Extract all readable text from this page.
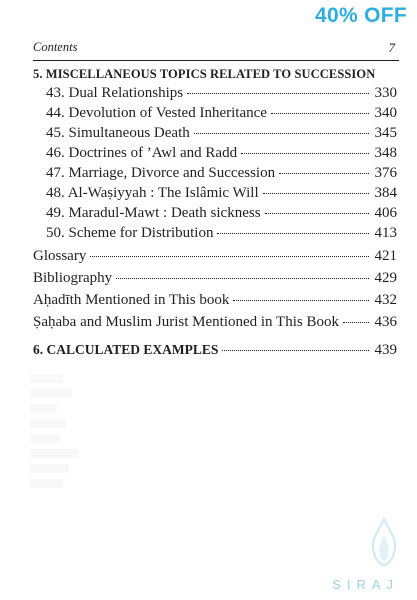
40% OFF
Contents	7
5. MISCELLANEOUS TOPICS RELATED TO SUCCESSION
43. Dual Relationships	330
44. Devolution of Vested Inheritance	340
45. Simultaneous Death	345
46. Doctrines of ’Awl and Radd	348
47. Marriage, Divorce and Succession	376
48. Al-Waṣiyyah : The Islâmic Will	384
49. Maradul-Mawt : Death sickness	406
50. Scheme for Distribution	413
Glossary	421
Bibliography	429
Aḥadīth Mentioned in This book	432
Ṣaḥaba and Muslim Jurist Mentioned in This Book 436
6. CALCULATED EXAMPLES	439
SIRAJ
